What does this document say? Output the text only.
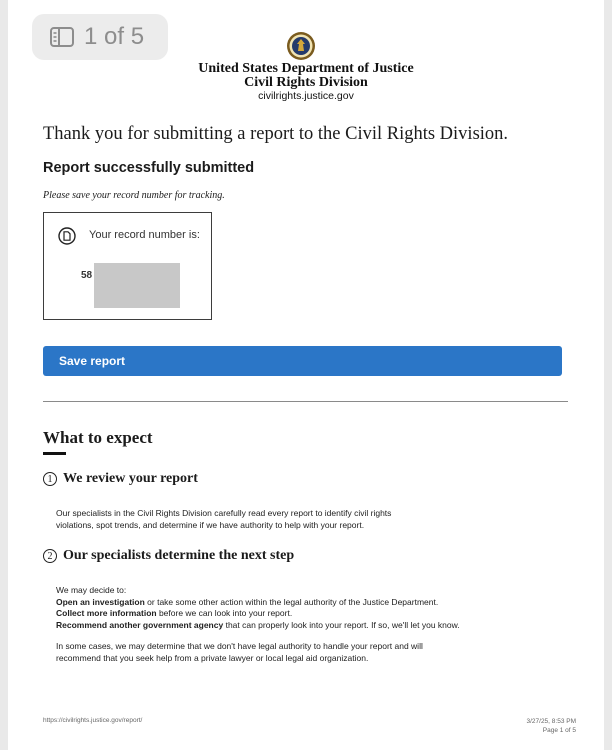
1 of 5
United States Department of Justice
Civil Rights Division
civilrights.justice.gov
Thank you for submitting a report to the Civil Rights Division.
Report successfully submitted
Please save your record number for tracking.
Your record number is:
58
Save report
What to expect
1 We review your report
Our specialists in the Civil Rights Division carefully read every report to identify civil rights
violations, spot trends, and determine if we have authority to help with your report.
2 Our specialists determine the next step
We may decide to:
Open an investigation or take some other action within the legal authority of the Justice Department.
Collect more information before we can look into your report.
Recommend another government agency that can properly look into your report. If so, we'll let you know.
In some cases, we may determine that we don't have legal authority to handle your report and will
recommend that you seek help from a private lawyer or local legal aid organization.
https://civilrights.justice.gov/report/	3/27/25, 8:53 PM
Page 1 of 5
